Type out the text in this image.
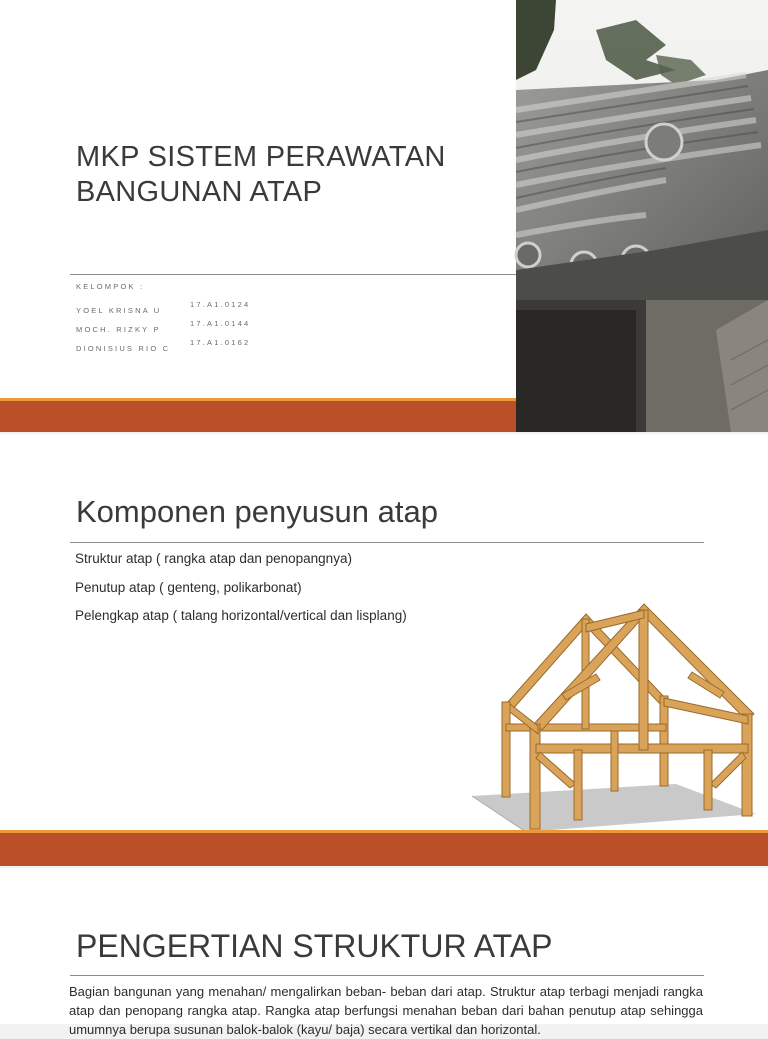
MKP SISTEM PERAWATAN
BANGUNAN ATAP
KELOMPOK :
YOEL KRISNA U
17.A1.0124
MOCH. RIZKY P
17.A1.0144
DIONISIUS RIO C
17.A1.0162
Komponen penyusun atap
Struktur atap ( rangka atap dan penopangnya)
Penutup atap ( genteng, polikarbonat)
Pelengkap atap ( talang horizontal/vertical dan lisplang)
PENGERTIAN STRUKTUR ATAP
Bagian bangunan yang menahan/ mengalirkan beban- beban dari atap. Struktur atap terbagi menjadi rangka atap dan penopang rangka atap. Rangka atap berfungsi menahan beban dari bahan penutup atap sehingga umumnya berupa susunan balok-balok (kayu/ baja) secara vertikal dan horizontal.
